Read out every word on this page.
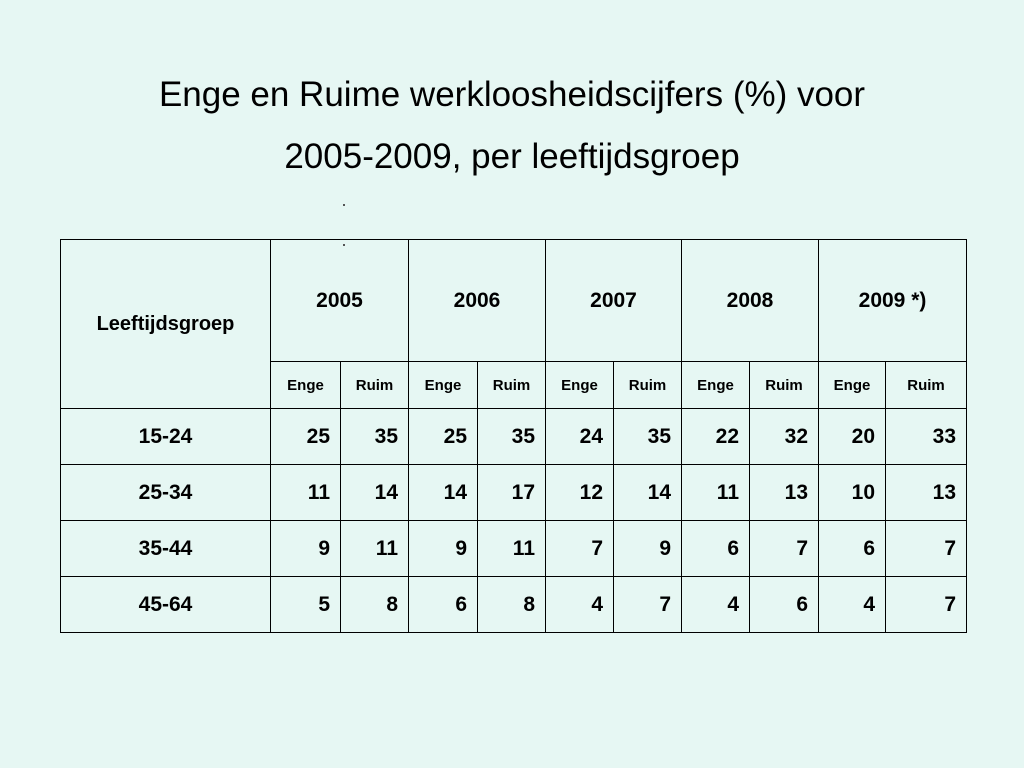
Enge en Ruime werkloosheidscijfers (%) voor
2005-2009, per leeftijdsgroep
Leeftijdsgroep	2005		2006		2007		2008		2009 *)	
	Enge	Ruim	Enge	Ruim	Enge	Ruim	Enge	Ruim	Enge	Ruim
15-24	25	35	25	35	24	35	22	32	20	33
25-34	11	14	14	17	12	14	11	13	10	13
35-44	9	11	9	11	7	9	6	7	6	7
45-64	5	8	6	8	4	7	4	6	4	7
